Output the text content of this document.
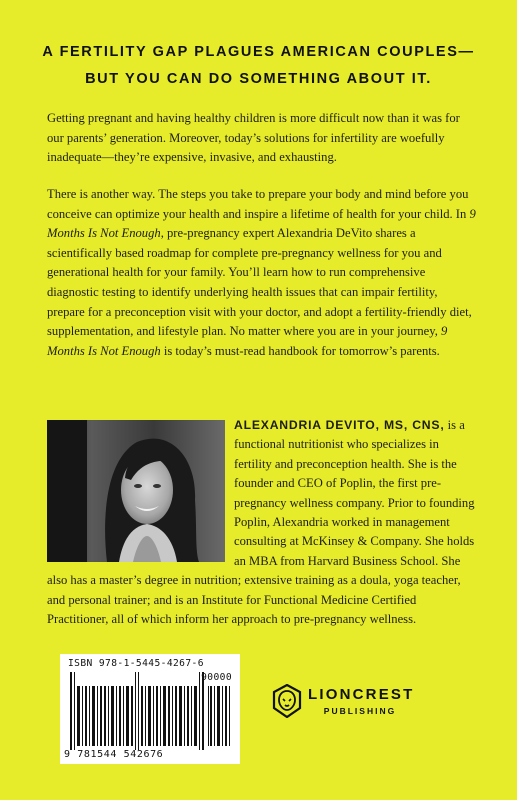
A FERTILITY GAP PLAGUES AMERICAN COUPLES—
BUT YOU CAN DO SOMETHING ABOUT IT.

Getting pregnant and having healthy children is more difficult now than it was for our parents’ generation. Moreover, today’s solutions for infertility are woefully inadequate—they’re expensive, invasive, and exhausting.

There is another way. The steps you take to prepare your body and mind before you conceive can optimize your health and inspire a lifetime of health for your child. In 9 Months Is Not Enough, pre-pregnancy expert Alexandria DeVito shares a scientifically based roadmap for complete pre-pregnancy wellness for you and generational health for your family. You’ll learn how to run comprehensive diagnostic testing to identify underlying health issues that can impair fertility, prepare for a preconception visit with your doctor, and adopt a fertility-friendly diet, supplementation, and lifestyle plan. No matter where you are in your journey, 9 Months Is Not Enough is today’s must-read handbook for tomorrow’s parents.

ALEXANDRIA DEVITO, MS, CNS, is a functional nutritionist who specializes in fertility and preconception health. She is the founder and CEO of Poplin, the first pre-pregnancy wellness company. Prior to founding Poplin, Alexandria worked in management consulting at McKinsey & Company. She holds an MBA from Harvard Business School. She also has a master’s degree in nutrition; extensive training as a doula, yoga teacher, and personal trainer; and is an Institute for Functional Medicine Certified Practitioner, all of which inform her approach to pre-pregnancy wellness.

ISBN 978-1-5445-4267-6
90000
9 781544 542676
LIONCREST
PUBLISHING
